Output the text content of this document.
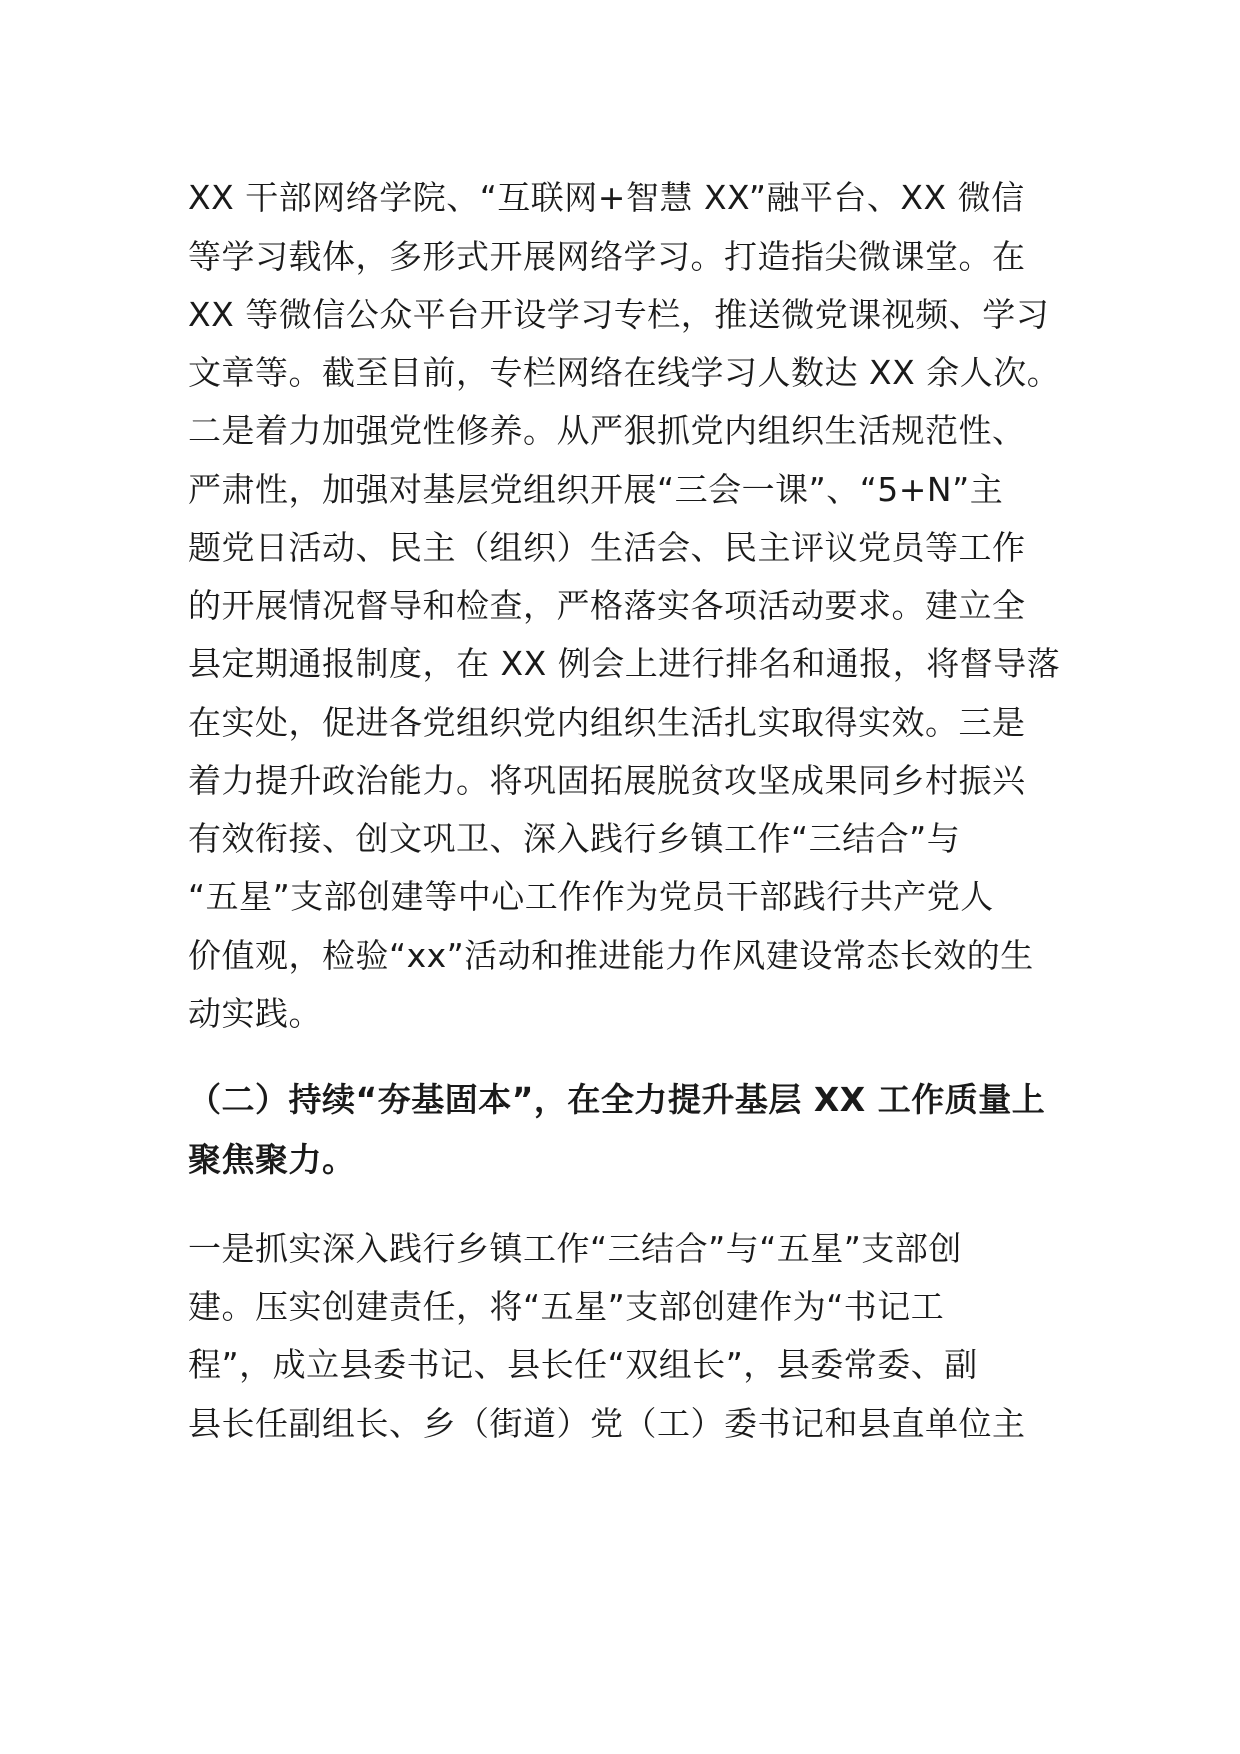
XX 干部网络学院、“互联网+智慧 XX”融平台、XX 微信
等学习载体，多形式开展网络学习。打造指尖微课堂。在
XX 等微信公众平台开设学习专栏，推送微党课视频、学习
文章等。截至目前，专栏网络在线学习人数达 XX 余人次。
二是着力加强党性修养。从严狠抓党内组织生活规范性、
严肃性，加强对基层党组织开展“三会一课”、“5+N”主
题党日活动、民主（组织）生活会、民主评议党员等工作
的开展情况督导和检查，严格落实各项活动要求。建立全
县定期通报制度，在 XX 例会上进行排名和通报，将督导落
在实处，促进各党组织党内组织生活扎实取得实效。三是
着力提升政治能力。将巩固拓展脱贫攻坚成果同乡村振兴
有效衔接、创文巩卫、深入践行乡镇工作“三结合”与
“五星”支部创建等中心工作作为党员干部践行共产党人
价值观，检验“xx”活动和推进能力作风建设常态长效的生
动实践。
（二）持续“夯基固本”，在全力提升基层 XX 工作质量上
聚焦聚力。
一是抓实深入践行乡镇工作“三结合”与“五星”支部创
建。压实创建责任，将“五星”支部创建作为“书记工
程”，成立县委书记、县长任“双组长”，县委常委、副
县长任副组长、乡（街道）党（工）委书记和县直单位主
